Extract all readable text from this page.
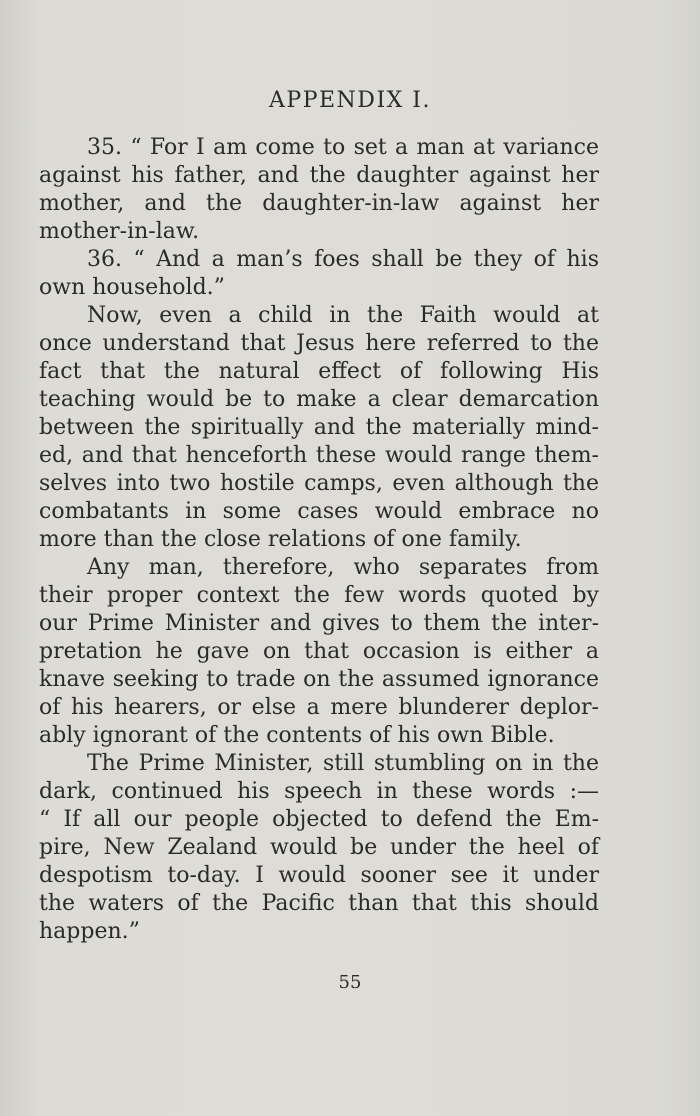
APPENDIX I.
35. “ For I am come to set a man at variance
against his father, and the daughter against her
mother, and the daughter-in-law against her
mother-in-law.
36. “ And a man’s foes shall be they of his
own household.”
Now, even a child in the Faith would at
once understand that Jesus here referred to the
fact that the natural effect of following His
teaching would be to make a clear demarcation
between the spiritually and the materially mind-
ed, and that henceforth these would range them-
selves into two hostile camps, even although the
combatants in some cases would embrace no
more than the close relations of one family.
Any man, therefore, who separates from
their proper context the few words quoted by
our Prime Minister and gives to them the inter-
pretation he gave on that occasion is either a
knave seeking to trade on the assumed ignorance
of his hearers, or else a mere blunderer deplor-
ably ignorant of the contents of his own Bible.
The Prime Minister, still stumbling on in the
dark, continued his speech in these words :—
“ If all our people objected to defend the Em-
pire, New Zealand would be under the heel of
despotism to-day. I would sooner see it under
the waters of the Pacific than that this should
happen.”
55
